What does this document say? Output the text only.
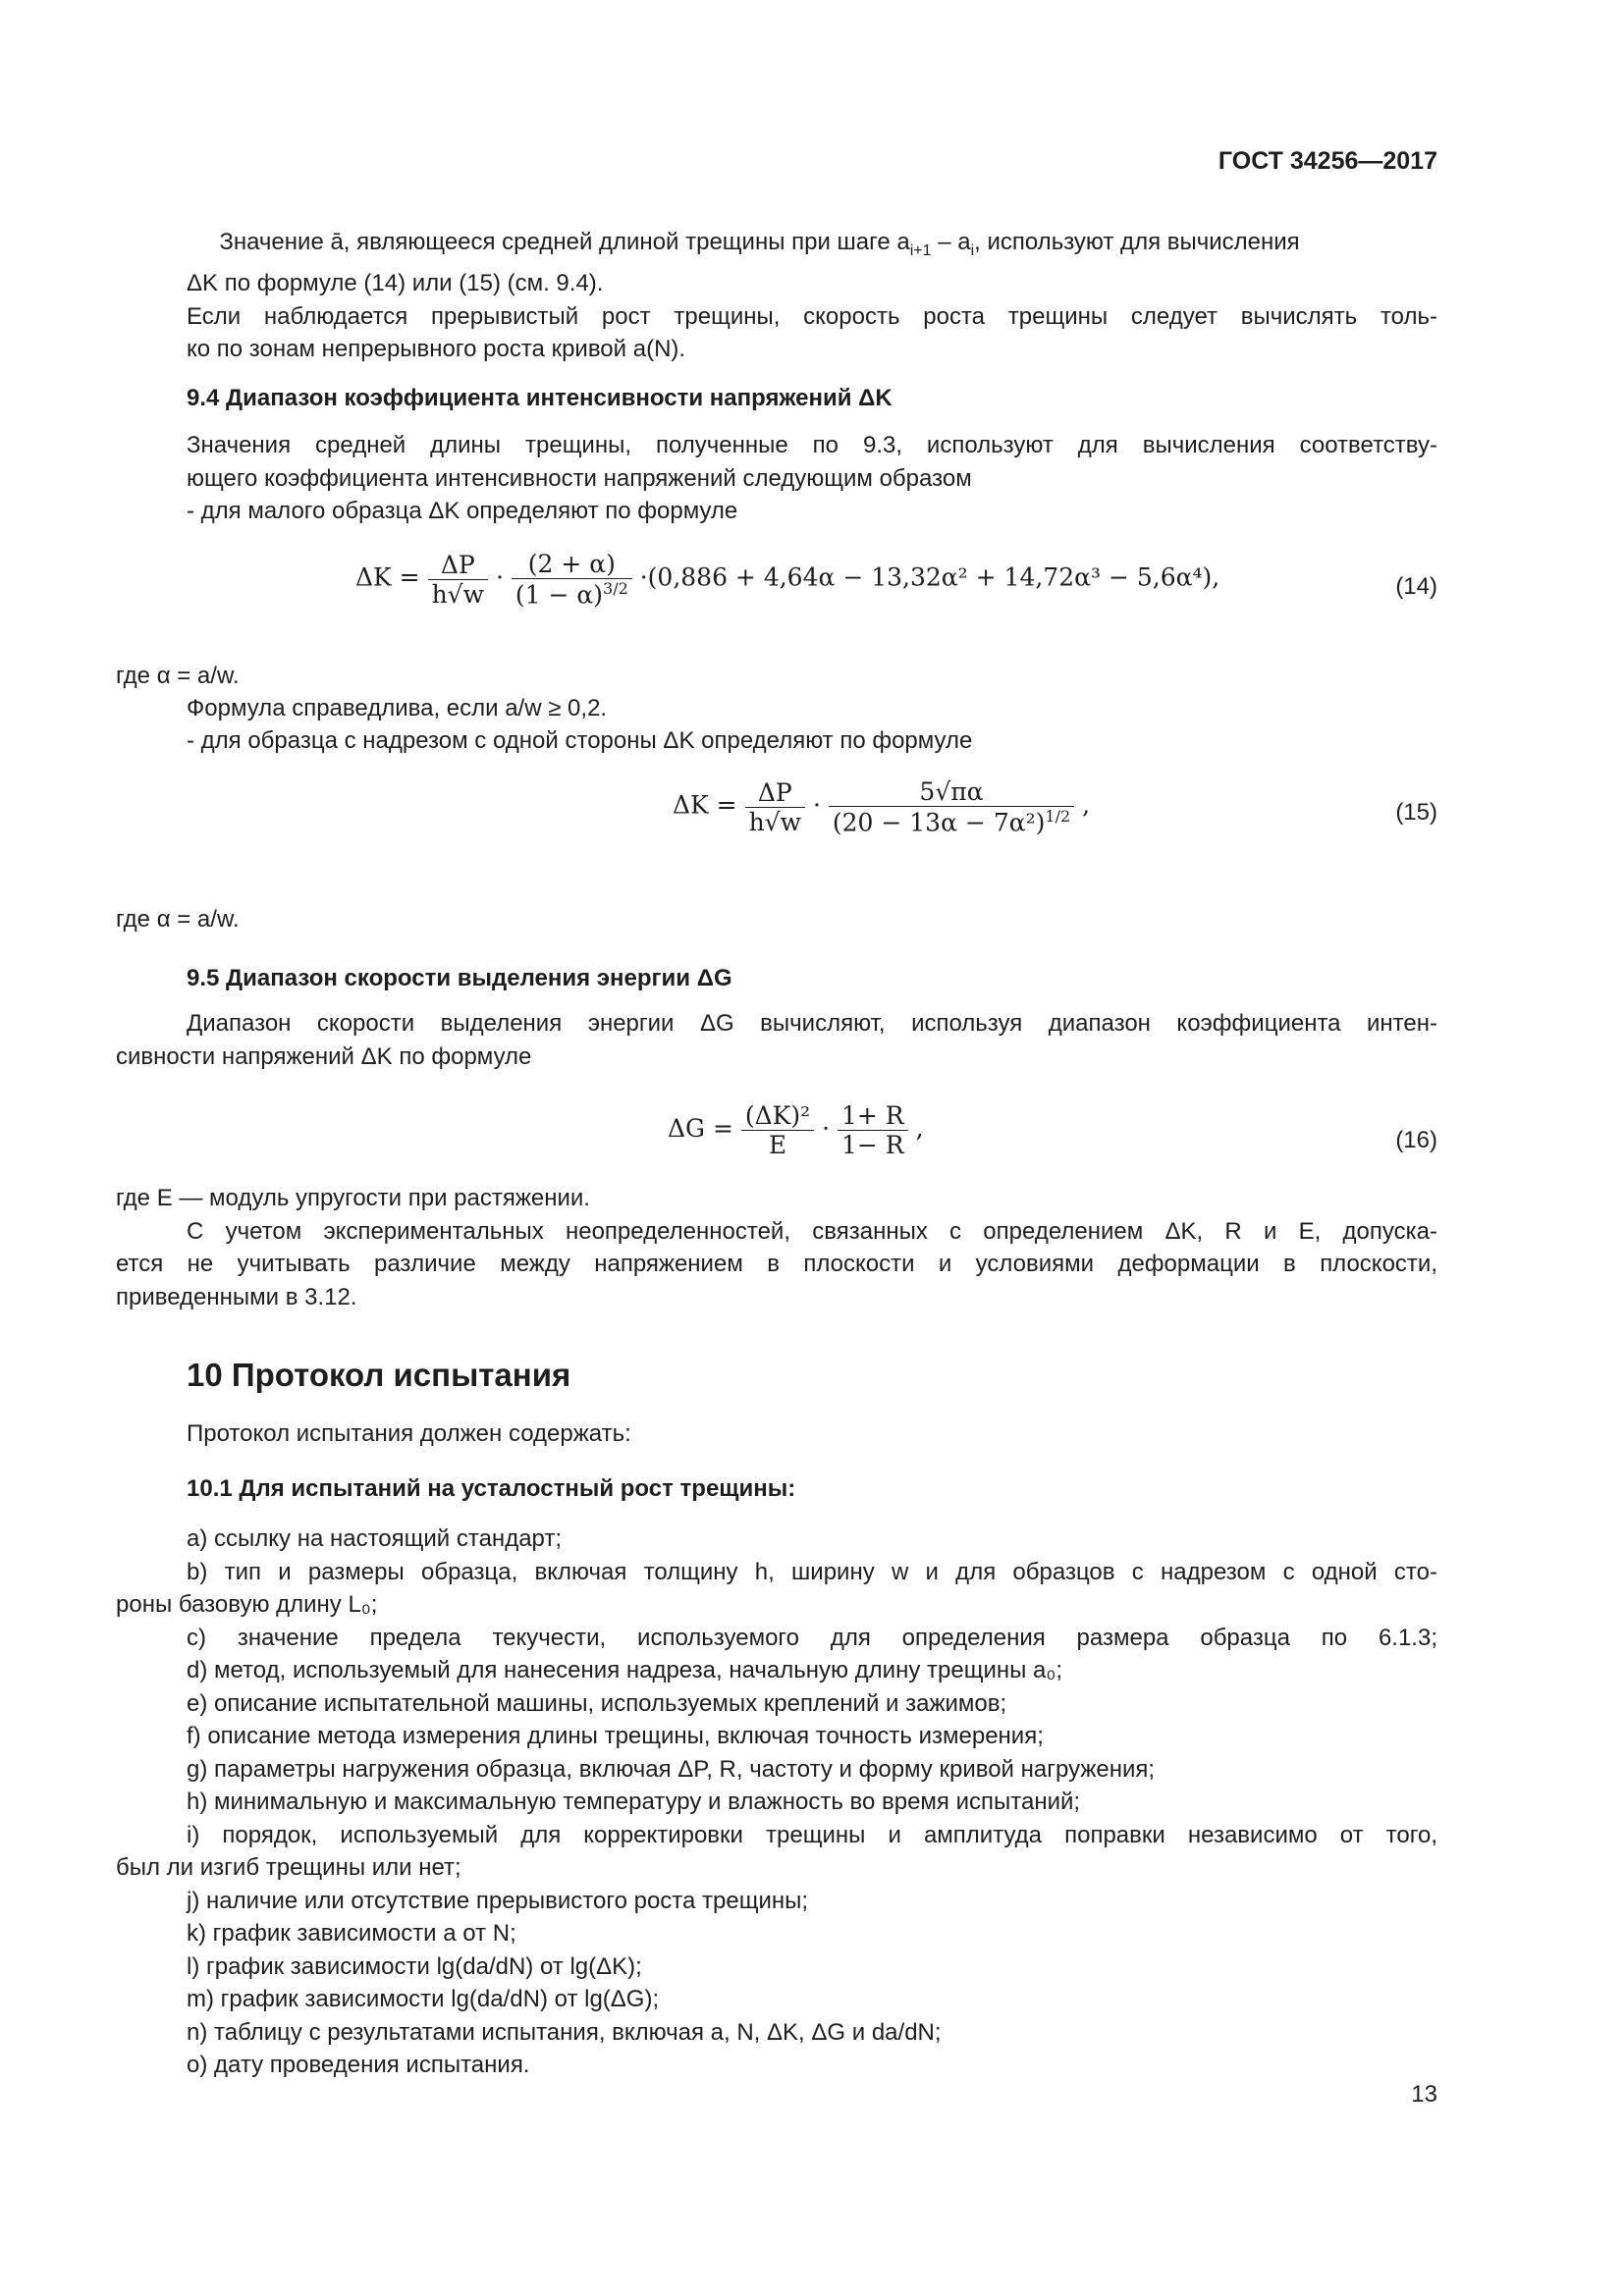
ГОСТ 34256—2017
Значение ā, являющееся средней длиной трещины при шаге $a_{i+1} - a_i$, используют для вычисления
ΔK по формуле (14) или (15) (см. 9.4).
Если наблюдается прерывистый рост трещины, скорость роста трещины следует вычислять толь-
ко по зонам непрерывного роста кривой a(N).
9.4 Диапазон коэффициента интенсивности напряжений ΔK
Значения средней длины трещины, полученные по 9.3, используют для вычисления соответству-
ющего коэффициента интенсивности напряжений следующим образом
- для малого образца ΔK определяют по формуле
$\Delta K = \frac{\Delta P}{h√w} \cdot \frac{(2 + \alpha)}{(1 - \alpha)^{3/2}} \cdot(0,886 + 4,64\alpha - 13,32\alpha^2 + 14,72\alpha^3 - 5,6\alpha^4)$,	(14)
где α = a/w.
Формула справедлива, если a/w ≥ 0,2.
- для образца с надрезом с одной стороны ΔK определяют по формуле
$\Delta K = \frac{\Delta P}{h√w} \cdot \frac{5√\pi\alpha}{(20 - 13\alpha - 7\alpha^2)^{1/2}}$ ,	(15)
где α = a/w.
9.5 Диапазон скорости выделения энергии ΔG
Диапазон скорости выделения энергии ΔG вычисляют, используя диапазон коэффициента интен-
сивности напряжений ΔK по формуле
$\Delta G = \frac{\text{(ΔK)²}}{E} \cdot \frac{1+ R}{1- R}$ ,	(16)
где E — модуль упругости при растяжении.
С учетом экспериментальных неопределенностей, связанных с определением ΔK, R и E, допуска-
ется не учитывать различие между напряжением в плоскости и условиями деформации в плоскости,
приведенными в 3.12.
10 Протокол испытания
Протокол испытания должен содержать:
10.1 Для испытаний на усталостный рост трещины:
a) ссылку на настоящий стандарт;
b) тип и размеры образца, включая толщину h, ширину w и для образцов с надрезом с одной сто-
роны базовую длину L₀;
c) значение предела текучести, используемого для определения размера образца по 6.1.3;
d) метод, используемый для нанесения надреза, начальную длину трещины a₀;
e) описание испытательной машины, используемых креплений и зажимов;
f) описание метода измерения длины трещины, включая точность измерения;
g) параметры нагружения образца, включая ΔP, R, частоту и форму кривой нагружения;
h) минимальную и максимальную температуру и влажность во время испытаний;
i) порядок, используемый для корректировки трещины и амплитуда поправки независимо от того,
был ли изгиб трещины или нет;
j) наличие или отсутствие прерывистого роста трещины;
k) график зависимости a от N;
l) график зависимости lg(da/dN) от lg(ΔK);
m) график зависимости lg(da/dN) от lg(ΔG);
n) таблицу с результатами испытания, включая a, N, ΔK, ΔG и da/dN;
o) дату проведения испытания.
13
